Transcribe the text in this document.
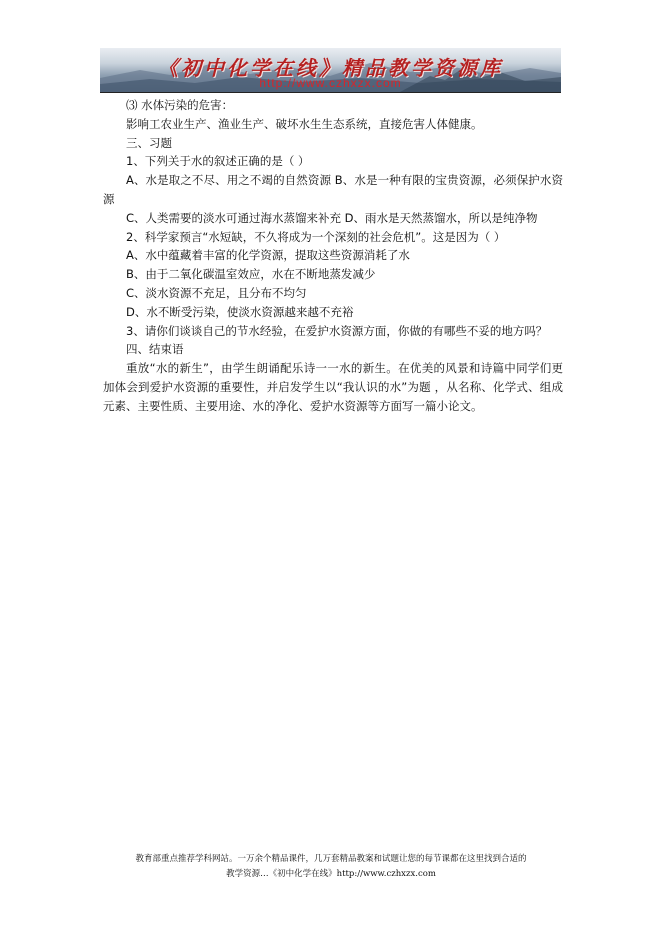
《初中化学在线》精品教学资源库
http://www.czhxzx.com

⑶ 水体污染的危害：

影响工农业生产、渔业生产、破坏水生生态系统，直接危害人体健康。

三、习题

1、下列关于水的叙述正确的是（ ）

A、水是取之不尽、用之不竭的自然资源 B、水是一种有限的宝贵资源，必须保护水资源

C、人类需要的淡水可通过海水蒸馏来补充 D、雨水是天然蒸馏水，所以是纯净物

2、科学家预言“水短缺，不久将成为一个深刻的社会危机”。这是因为（ ）

A、水中蕴藏着丰富的化学资源，提取这些资源消耗了水

B、由于二氧化碳温室效应，水在不断地蒸发减少

C、淡水资源不充足，且分布不均匀

D、水不断受污染，使淡水资源越来越不充裕

3、请你们谈谈自己的节水经验，在爱护水资源方面，你做的有哪些不妥的地方吗？

四、结束语

重放“水的新生”，由学生朗诵配乐诗一一水的新生。在优美的风景和诗篇中同学们更加体会到爱护水资源的重要性，并启发学生以“我认识的水”为题 ，从名称、化学式、组成元素、主要性质、主要用途、水的净化、爱护水资源等方面写一篇小论文。

教育部重点推荐学科网站。一万余个精品课件，几万套精品教案和试题让您的每节课都在这里找到合适的
教学资源…《初中化学在线》http://www.czhxzx.com
